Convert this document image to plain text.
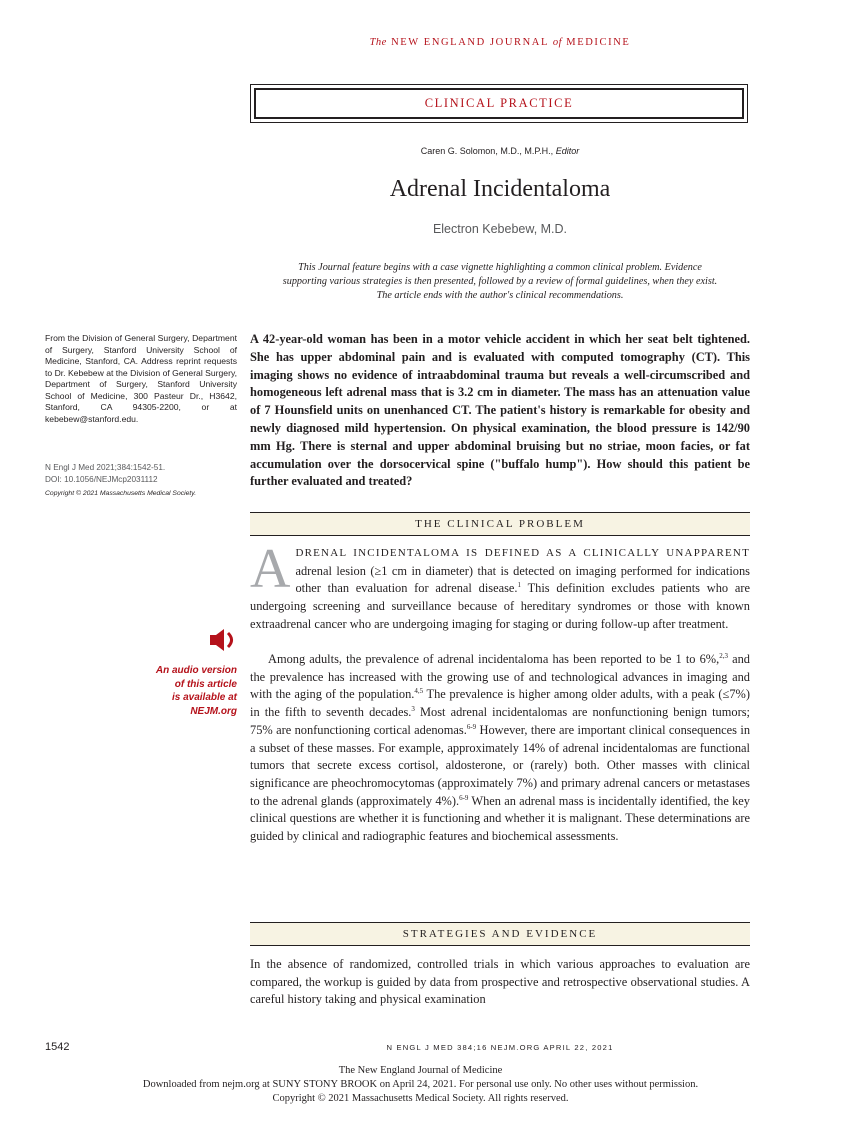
The NEW ENGLAND JOURNAL of MEDICINE
CLINICAL PRACTICE
Caren G. Solomon, M.D., M.P.H., Editor
Adrenal Incidentaloma
Electron Kebebew, M.D.
This Journal feature begins with a case vignette highlighting a common clinical problem. Evidence
supporting various strategies is then presented, followed by a review of formal guidelines, when they exist.
The article ends with the author's clinical recommendations.
From the Division of General Surgery, Department of Surgery, Stanford University School of Medicine, Stanford, CA. Address reprint requests to Dr. Kebebew at the Division of General Surgery, Department of Surgery, Stanford University School of Medicine, 300 Pasteur Dr., H3642, Stanford, CA 94305-2200, or at kebebew@stanford.edu.
N Engl J Med 2021;384:1542-51.
DOI: 10.1056/NEJMcp2031112
Copyright © 2021 Massachusetts Medical Society.
A 42-year-old woman has been in a motor vehicle accident in which her seat belt tightened. She has upper abdominal pain and is evaluated with computed tomography (CT). This imaging shows no evidence of intraabdominal trauma but reveals a well-circumscribed and homogeneous left adrenal mass that is 3.2 cm in diameter. The mass has an attenuation value of 7 Hounsfield units on unenhanced CT. The patient's history is remarkable for obesity and newly diagnosed mild hypertension. On physical examination, the blood pressure is 142/90 mm Hg. There is sternal and upper abdominal bruising but no striae, moon facies, or fat accumulation over the dorsocervical spine ("buffalo hump"). How should this patient be further evaluated and treated?
THE CLINICAL PROBLEM
ADRENAL INCIDENTALOMA IS DEFINED AS A CLINICALLY UNAPPARENT adrenal lesion (≥1 cm in diameter) that is detected on imaging performed for indications other than evaluation for adrenal disease.$^1$ This definition excludes patients who are undergoing screening and surveillance because of hereditary syndromes or those with known extraadrenal cancer who are undergoing imaging for staging or during follow-up after treatment.
An audio version
of this article
is available at
NEJM.org
Among adults, the prevalence of adrenal incidentaloma has been reported to be 1 to 6%,$^{2,3}$ and the prevalence has increased with the growing use of and technological advances in imaging and with the aging of the population.$^{4,5}$ The prevalence is higher among older adults, with a peak (≤7%) in the fifth to seventh decades.$^3$ Most adrenal incidentalomas are nonfunctioning benign tumors; 75% are nonfunctioning cortical adenomas.$^{6-9}$ However, there are important clinical consequences in a subset of these masses. For example, approximately 14% of adrenal incidentalomas are functional tumors that secrete excess cortisol, aldosterone, or (rarely) both. Other masses with clinical significance are pheochromocytomas (approximately 7%) and primary adrenal cancers or metastases to the adrenal glands (approximately 4%).$^{6-9}$ When an adrenal mass is incidentally identified, the key clinical questions are whether it is functioning and whether it is malignant. These determinations are guided by clinical and radiographic features and biochemical assessments.
STRATEGIES AND EVIDENCE
In the absence of randomized, controlled trials in which various approaches to evaluation are compared, the workup is guided by data from prospective and retrospective observational studies. A careful history taking and physical examination
1542	N ENGL J MED 384;16 NEJM.ORG APRIL 22, 2021
The New England Journal of Medicine
Downloaded from nejm.org at SUNY STONY BROOK on April 24, 2021. For personal use only. No other uses without permission.
Copyright © 2021 Massachusetts Medical Society. All rights reserved.
